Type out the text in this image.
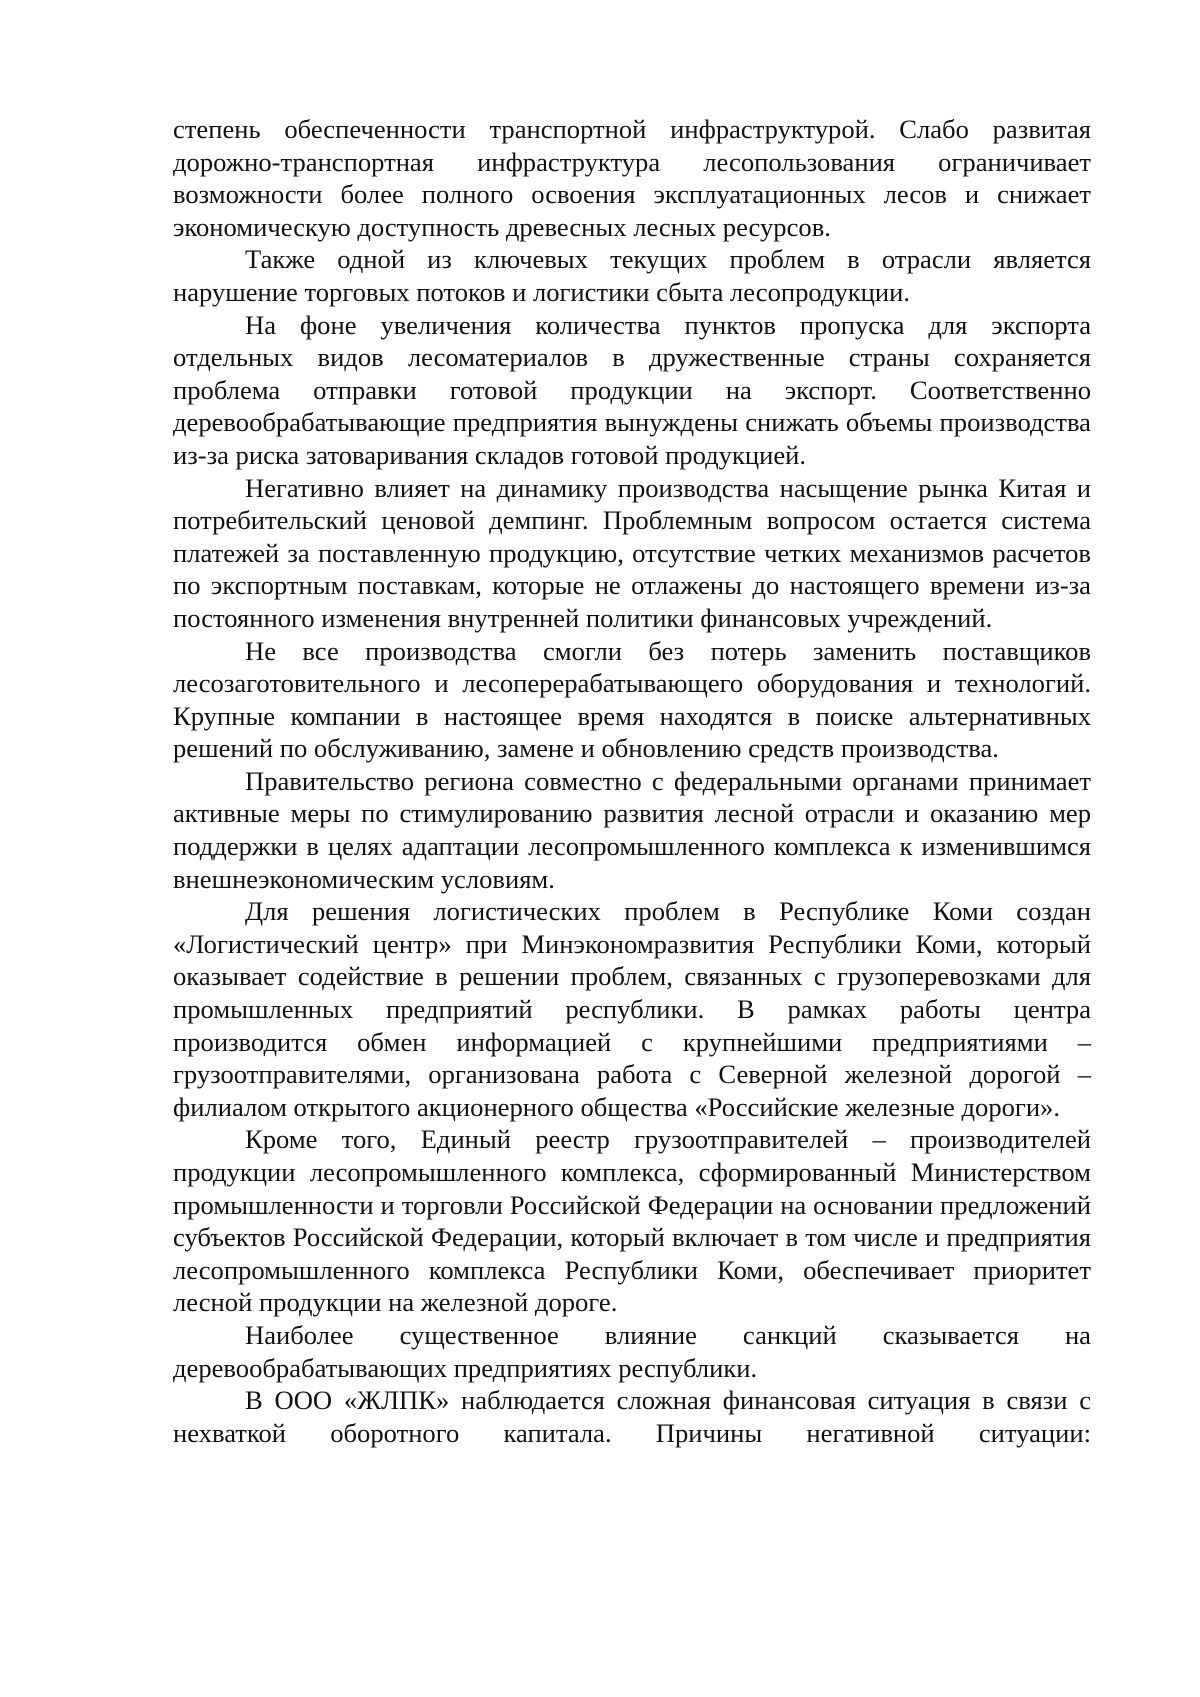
степень обеспеченности транспортной инфраструктурой. Слабо развитая дорожно-транспортная инфраструктура лесопользования ограничивает возможности более полного освоения эксплуатационных лесов и снижает экономическую доступность древесных лесных ресурсов.

Также одной из ключевых текущих проблем в отрасли является нарушение торговых потоков и логистики сбыта лесопродукции.

На фоне увеличения количества пунктов пропуска для экспорта отдельных видов лесоматериалов в дружественные страны сохраняется проблема отправки готовой продукции на экспорт. Соответственно деревообрабатывающие предприятия вынуждены снижать объемы производства из-за риска затоваривания складов готовой продукцией.

Негативно влияет на динамику производства насыщение рынка Китая и потребительский ценовой демпинг. Проблемным вопросом остается система платежей за поставленную продукцию, отсутствие четких механизмов расчетов по экспортным поставкам, которые не отлажены до настоящего времени из-за постоянного изменения внутренней политики финансовых учреждений.

Не все производства смогли без потерь заменить поставщиков лесозаготовительного и лесоперерабатывающего оборудования и технологий. Крупные компании в настоящее время находятся в поиске альтернативных решений по обслуживанию, замене и обновлению средств производства.

Правительство региона совместно с федеральными органами принимает активные меры по стимулированию развития лесной отрасли и оказанию мер поддержки в целях адаптации лесопромышленного комплекса к изменившимся внешнеэкономическим условиям.

Для решения логистических проблем в Республике Коми создан «Логистический центр» при Минэкономразвития Республики Коми, который оказывает содействие в решении проблем, связанных с грузоперевозками для промышленных предприятий республики. В рамках работы центра производится обмен информацией с крупнейшими предприятиями – грузоотправителями, организована работа с Северной железной дорогой – филиалом открытого акционерного общества «Российские железные дороги».

Кроме того, Единый реестр грузоотправителей – производителей продукции лесопромышленного комплекса, сформированный Министерством промышленности и торговли Российской Федерации на основании предложений субъектов Российской Федерации, который включает в том числе и предприятия лесопромышленного комплекса Республики Коми, обеспечивает приоритет лесной продукции на железной дороге.

Наиболее существенное влияние санкций сказывается на деревообрабатывающих предприятиях республики.

В ООО «ЖЛПК» наблюдается сложная финансовая ситуация в связи с нехваткой оборотного капитала. Причины негативной ситуации:
